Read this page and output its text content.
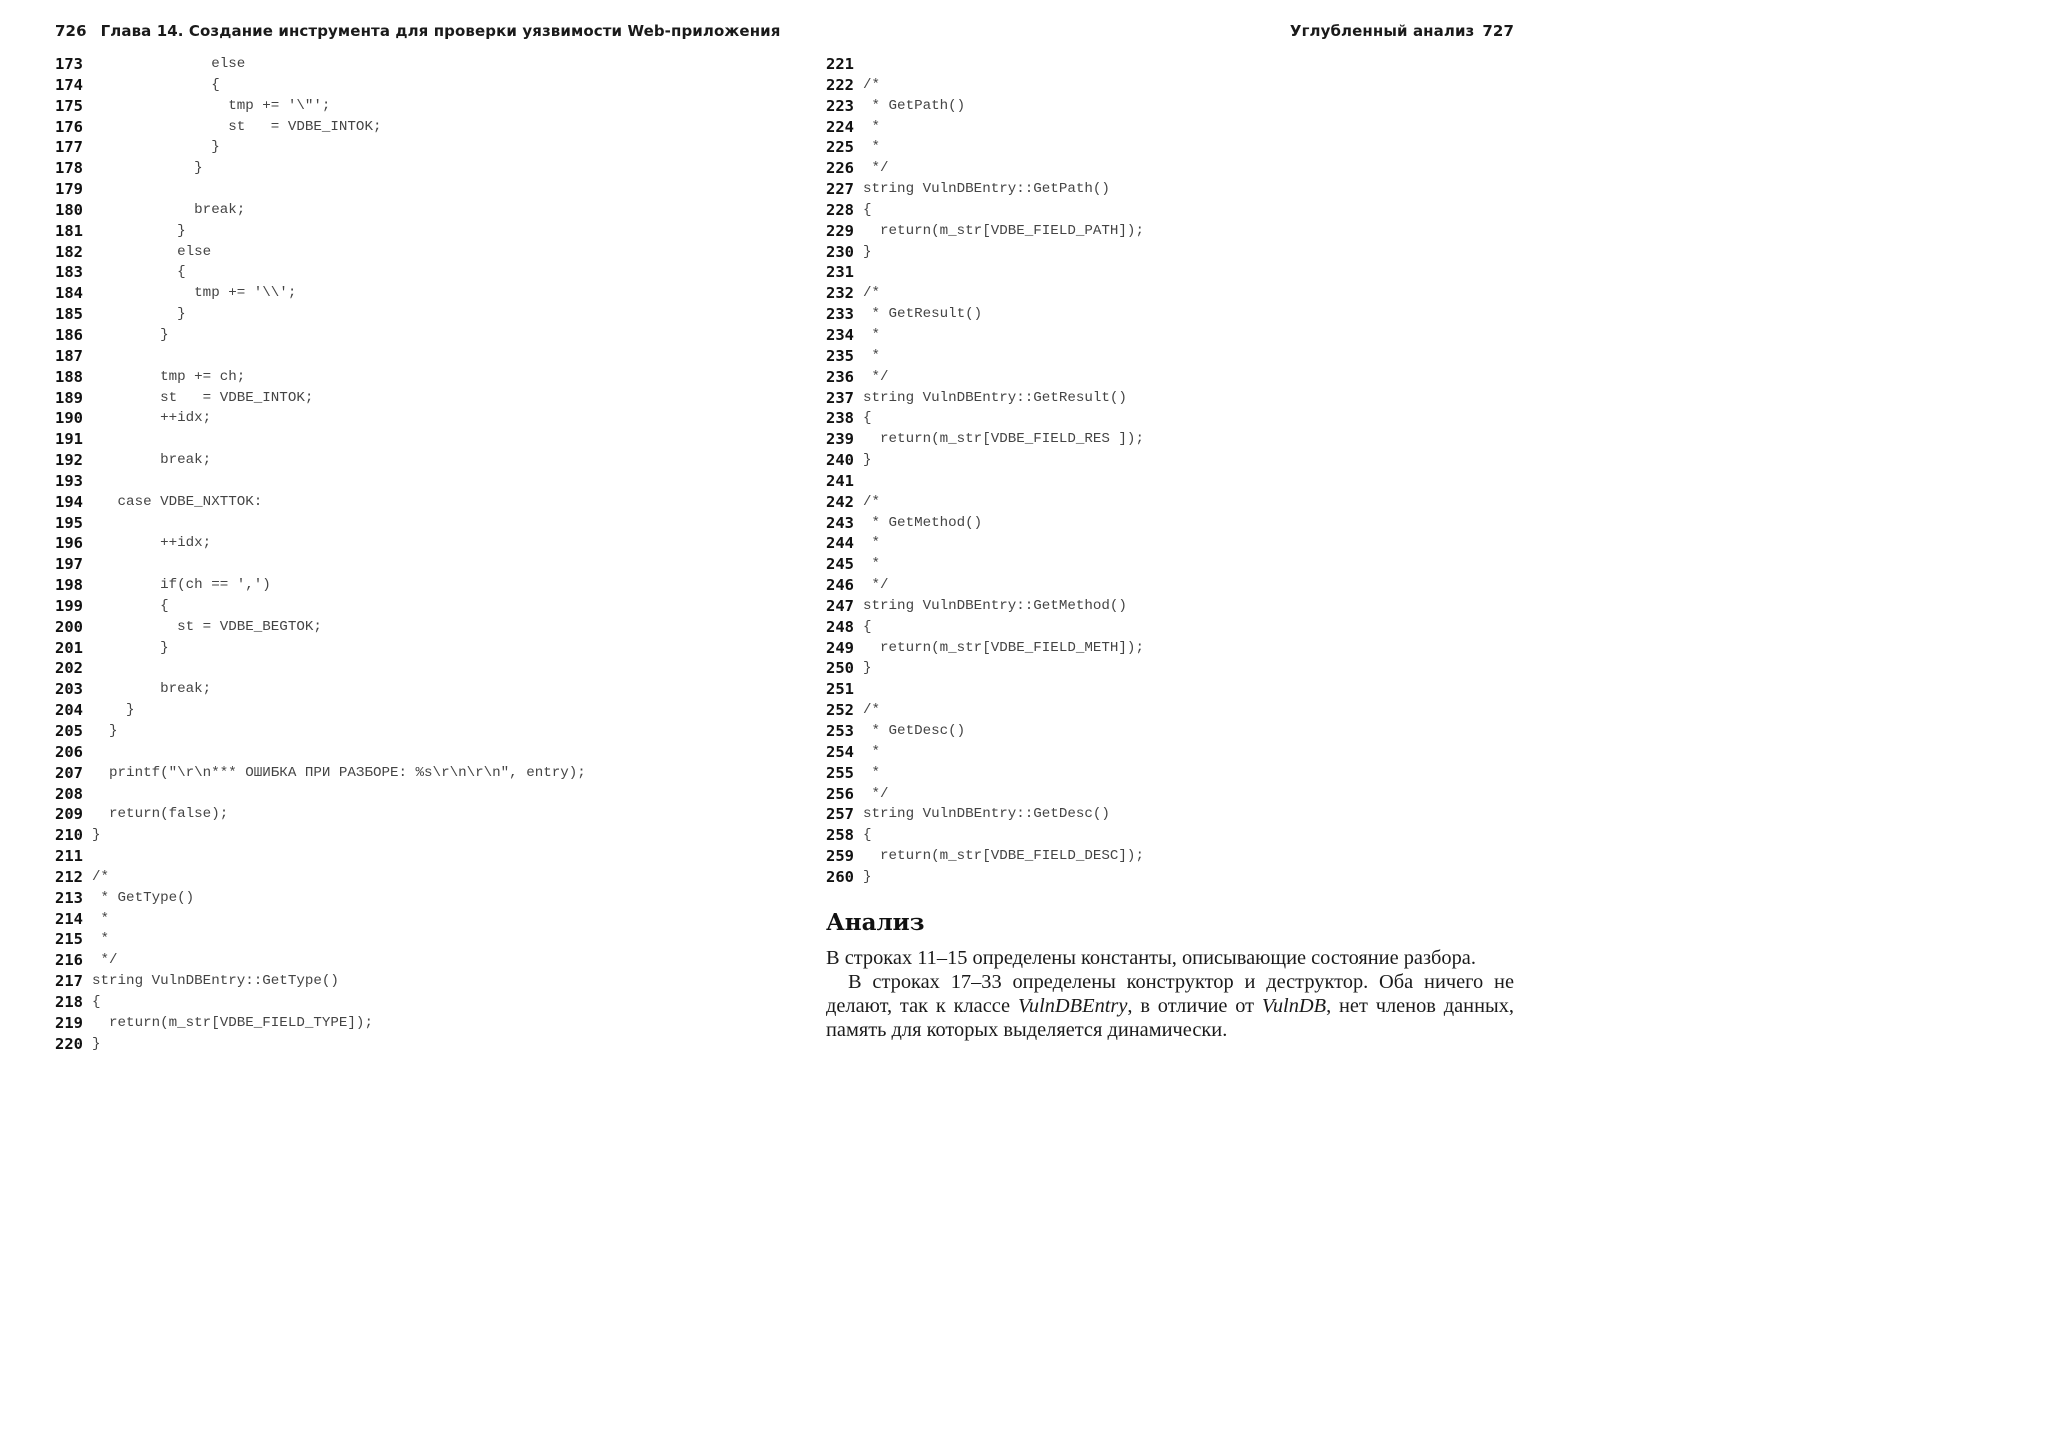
726 Глава 14. Создание инструмента для проверки уязвимости Web-приложения
173 else
174 {
175 tmp += '\"';
176 st   = VDBE_INTOK;
177 }
178 }
179
180 break;
181 }
182 else
183 {
184 tmp += '\\';
185 }
186 }
187
188 tmp += ch;
189 st   = VDBE_INTOK;
190 ++idx;
191
192 break;
193
194 case VDBE_NXTTOK:
195
196 ++idx;
197
198 if(ch == ',')
199 {
200 st = VDBE_BEGTOK;
201 }
202
203 break;
204 }
205 }
206
207 printf("\r\n*** ОШИБКА ПРИ РАЗБОРЕ: %s\r\n\r\n", entry);
208
209 return(false);
210 }
211
212 /*
213 * GetType()
214 *
215 *
216 */
217 string VulnDBEntry::GetType()
218 {
219 return(m_str[VDBE_FIELD_TYPE]);
220 }
Углубленный анализ 727
221
222 /*
223 * GetPath()
224 *
225 *
226 */
227 string VulnDBEntry::GetPath()
228 {
229 return(m_str[VDBE_FIELD_PATH]);
230 }
231
232 /*
233 * GetResult()
234 *
235 *
236 */
237 string VulnDBEntry::GetResult()
238 {
239 return(m_str[VDBE_FIELD_RES ]);
240 }
241
242 /*
243 * GetMethod()
244 *
245 *
246 */
247 string VulnDBEntry::GetMethod()
248 {
249 return(m_str[VDBE_FIELD_METH]);
250 }
251
252 /*
253 * GetDesc()
254 *
255 *
256 */
257 string VulnDBEntry::GetDesc()
258 {
259 return(m_str[VDBE_FIELD_DESC]);
260 }
Анализ

В строках 11–15 определены константы, описывающие состояние разбора.

В строках 17–33 определены конструктор и деструктор. Оба ничего не делают, так к классе VulnDBEntry, в отличие от VulnDB, нет членов данных, память для которых выделяется динамически.
